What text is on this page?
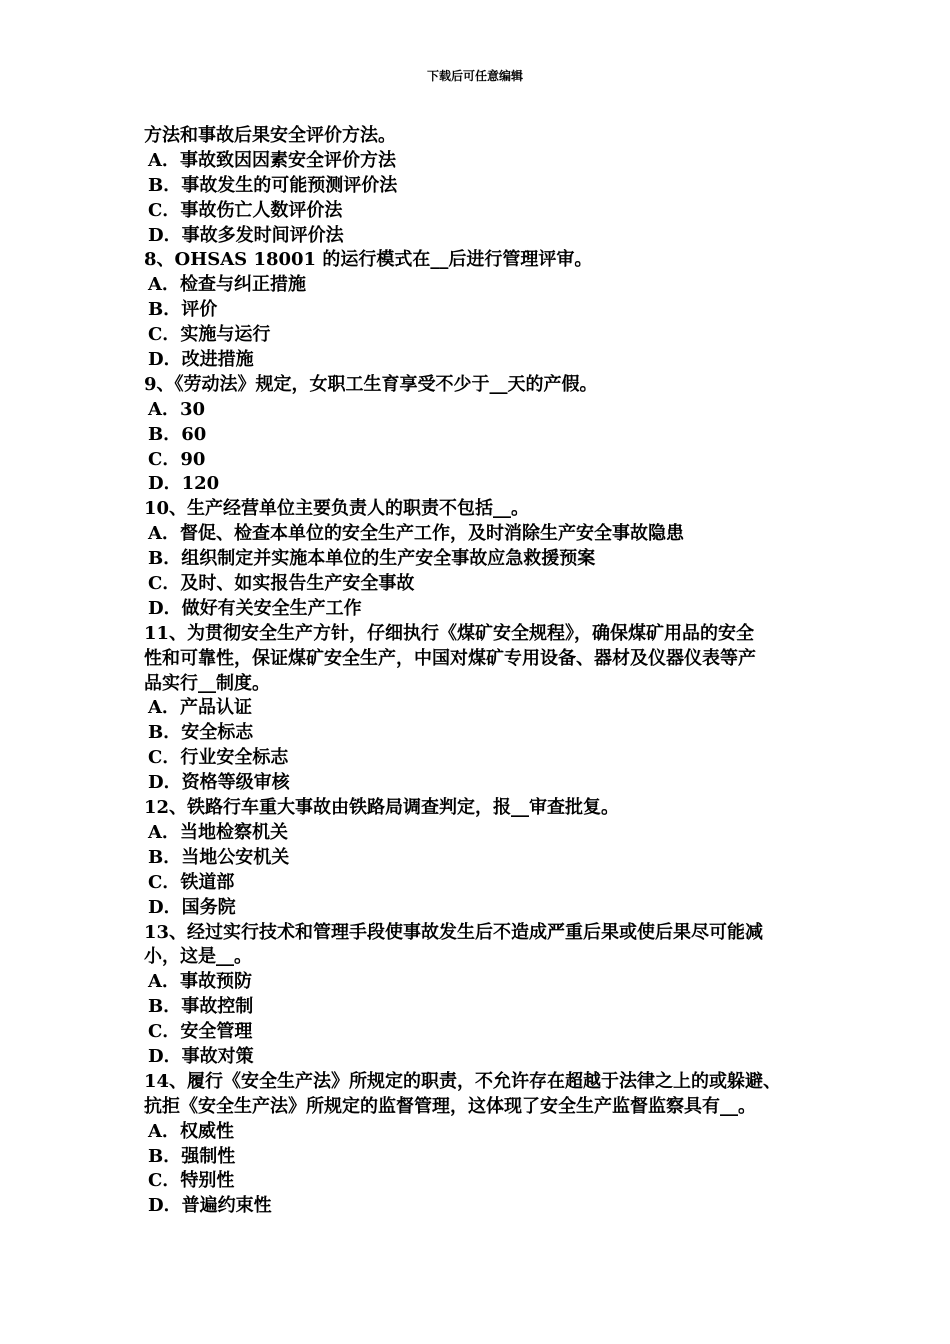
下载后可任意编辑
方法和事故后果安全评价方法。
A．事故致因因素安全评价方法
B．事故发生的可能预测评价法
C．事故伤亡人数评价法
D．事故多发时间评价法
8、OHSAS 18001 的运行模式在__后进行管理评审。
A．检查与纠正措施
B．评价
C．实施与运行
D．改进措施
9、《劳动法》规定，女职工生育享受不少于__天的产假。
A．30
B．60
C．90
D．120
10、生产经营单位主要负责人的职责不包括__。
A．督促、检查本单位的安全生产工作，及时消除生产安全事故隐患
B．组织制定并实施本单位的生产安全事故应急救援预案
C．及时、如实报告生产安全事故
D．做好有关安全生产工作
11、为贯彻安全生产方针，仔细执行《煤矿安全规程》，确保煤矿用品的安全
性和可靠性，保证煤矿安全生产，中国对煤矿专用设备、器材及仪器仪表等产
品实行__制度。
A．产品认证
B．安全标志
C．行业安全标志
D．资格等级审核
12、铁路行车重大事故由铁路局调查判定，报__审查批复。
A．当地检察机关
B．当地公安机关
C．铁道部
D．国务院
13、经过实行技术和管理手段使事故发生后不造成严重后果或使后果尽可能减
小，这是__。
A．事故预防
B．事故控制
C．安全管理
D．事故对策
14、履行《安全生产法》所规定的职责，不允许存在超越于法律之上的或躲避、
抗拒《安全生产法》所规定的监督管理，这体现了安全生产监督监察具有__。
A．权威性
B．强制性
C．特别性
D．普遍约束性
